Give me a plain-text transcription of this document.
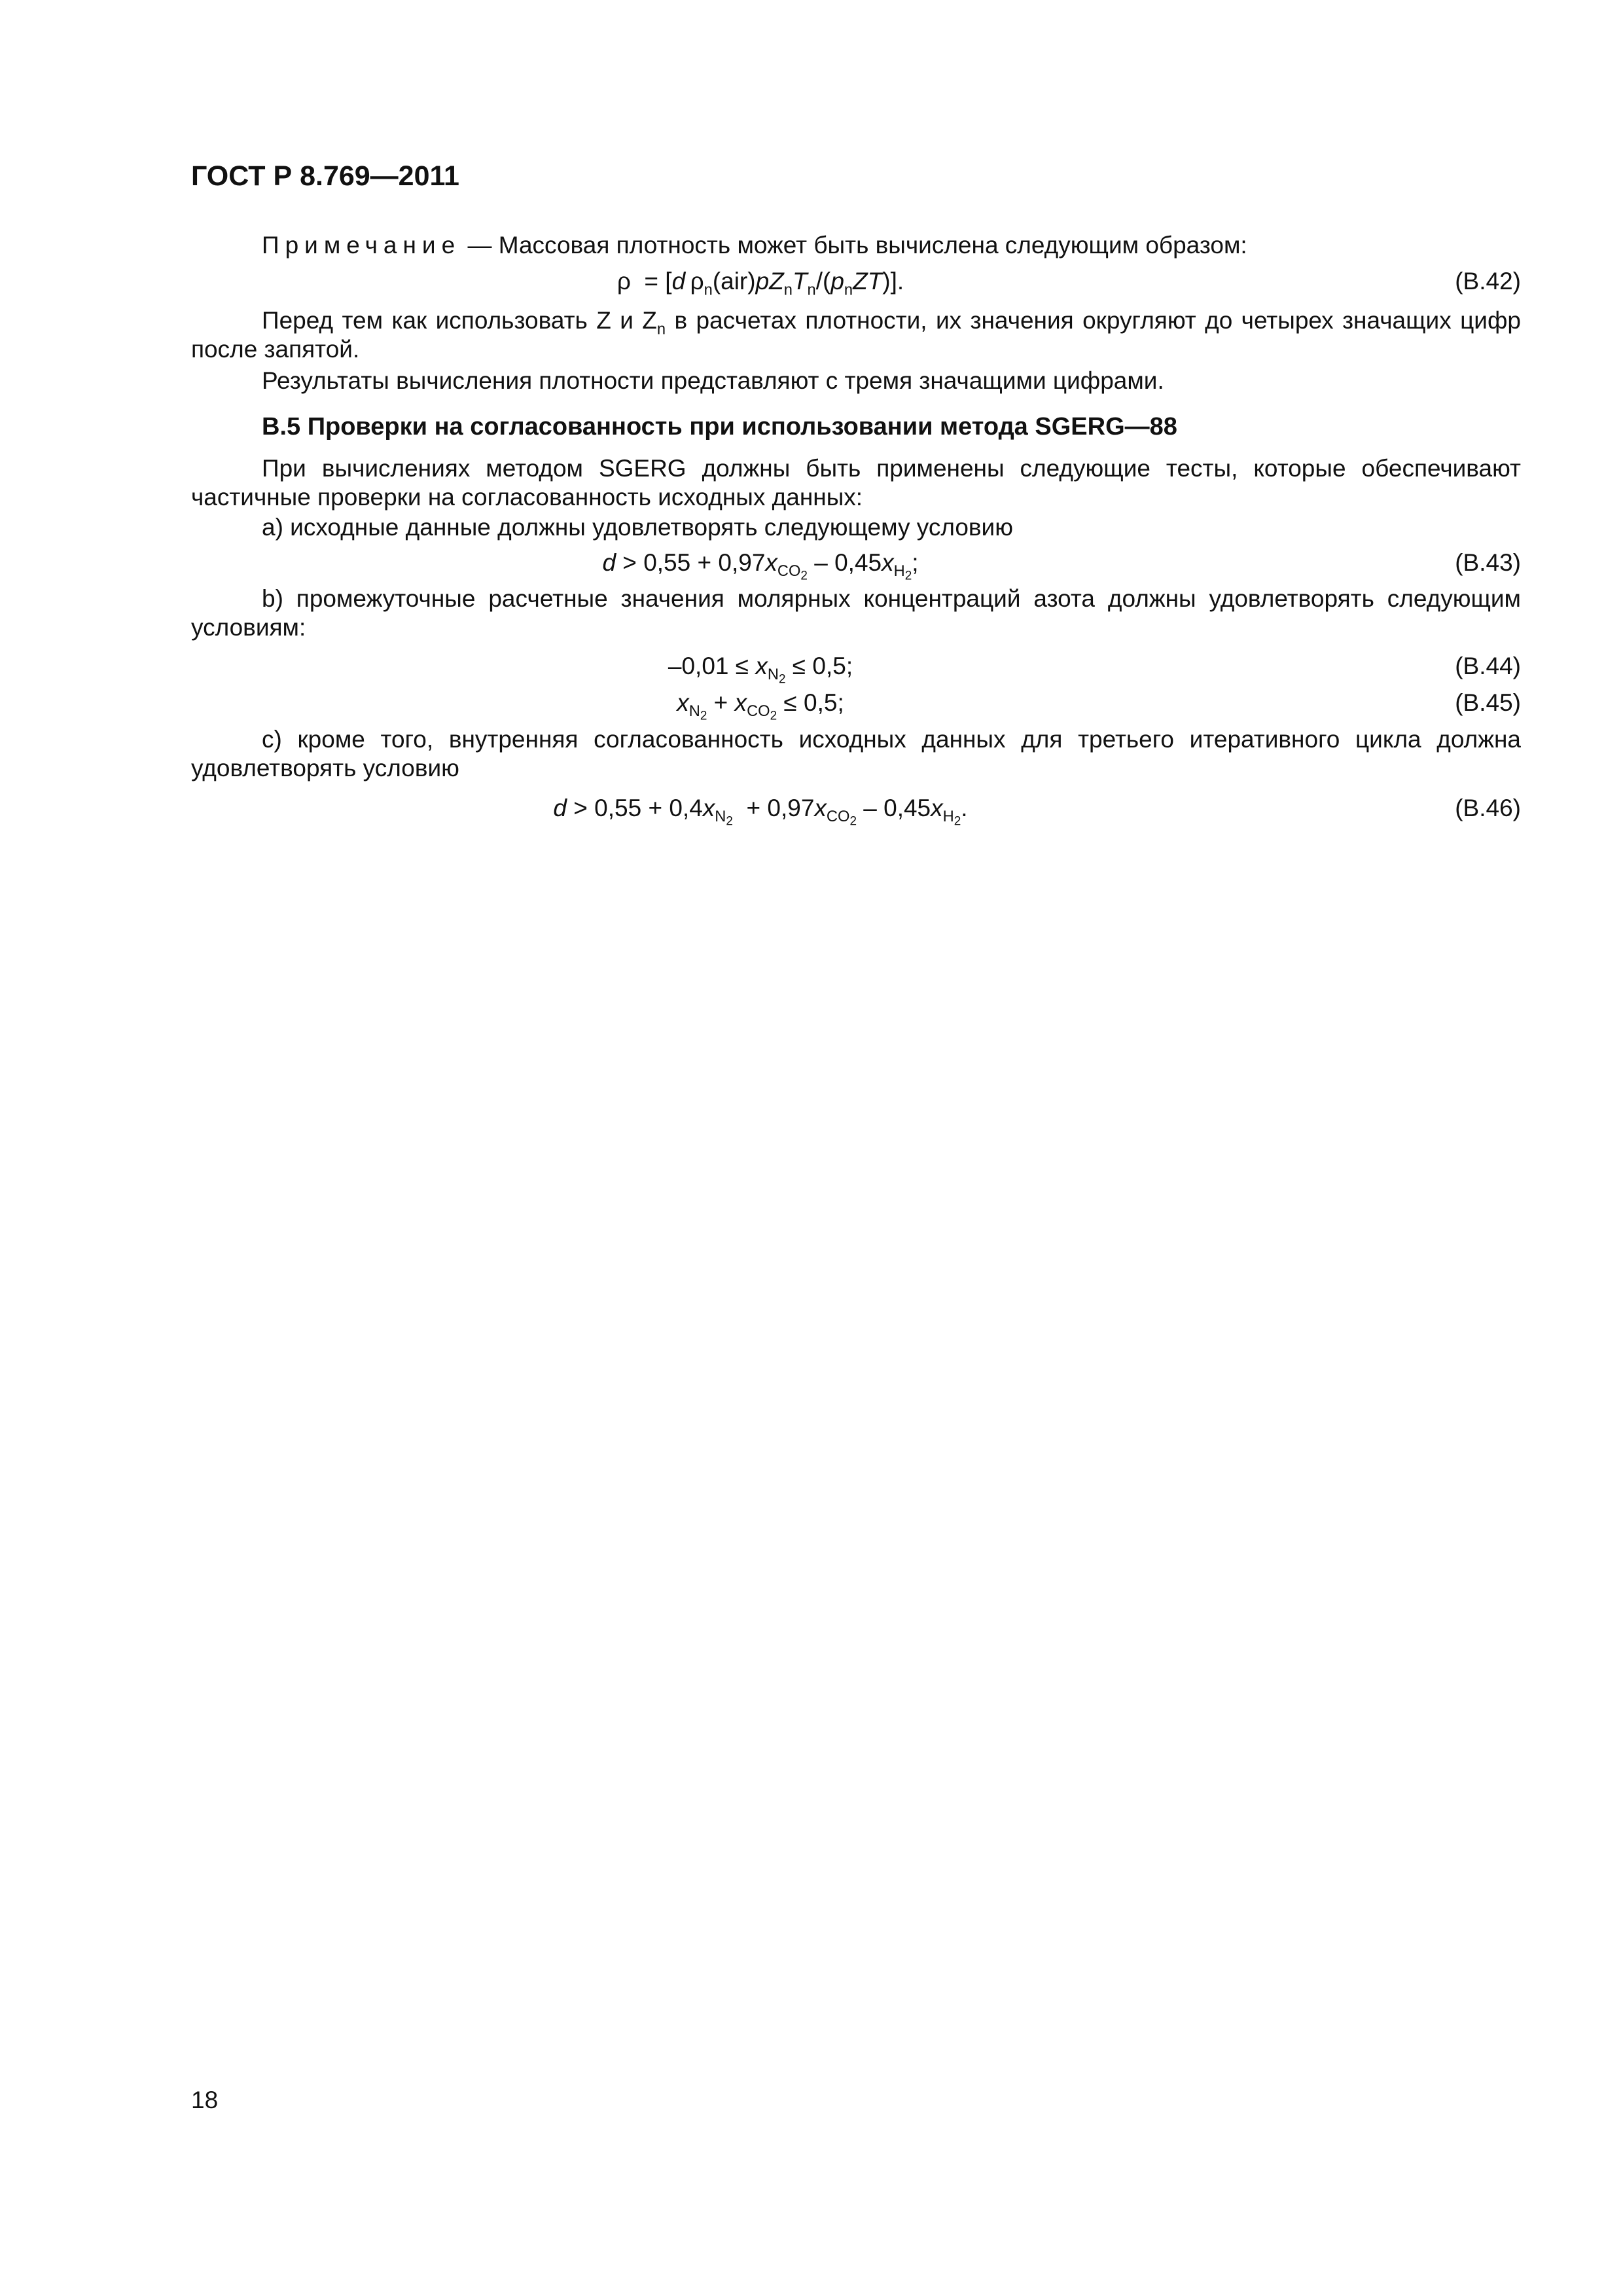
ГОСТ Р 8.769—2011
Примечание — Массовая плотность может быть вычислена следующим образом:
ρ  = [d $\rho_n(air)pZ_nT_n/(p_nZT)$].	(B.42)
Перед тем как использовать Z и $Z_n$ в расчетах плотности, их значения округляют до четырех значащих цифр после запятой.
Результаты вычисления плотности представляют с тремя значащими цифрами.
B.5 Проверки на согласованность при использовании метода SGERG—88
При вычислениях методом SGERG должны быть применены следующие тесты, которые обеспечивают частичные проверки на согласованность исходных данных:
a) исходные данные должны удовлетворять следующему условию
$d > 0,55 + 0,97x_{CO_2} - 0,45x_{H_2}$;	(B.43)
b) промежуточные расчетные значения молярных концентраций азота должны удовлетворять следующим условиям:
$-0,01 \le x_{N_2} \le 0,5$;	(B.44)
$x_{N_2} + x_{CO_2} \le 0,5$;	(B.45)
c) кроме того, внутренняя согласованность исходных данных для третьего итеративного цикла должна удовлетворять условию
$d > 0,55 + 0,4x_{N_2} + 0,97x_{CO_2} - 0,45x_{H_2}$.	(B.46)
18
